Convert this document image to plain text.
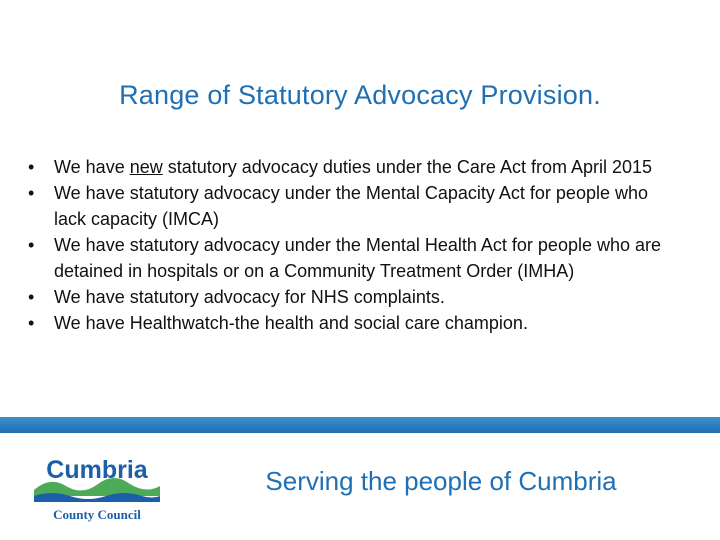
Range of Statutory Advocacy Provision.
• We have new statutory advocacy duties under the Care Act from April 2015
• We have statutory advocacy under the Mental Capacity Act for people who lack capacity (IMCA)
• We have statutory advocacy under the Mental Health Act for people who are detained in hospitals or on a Community Treatment Order (IMHA)
• We have statutory advocacy for NHS complaints.
• We have Healthwatch-the health and social care champion.
Cumbria
County Council
Serving the people of Cumbria
